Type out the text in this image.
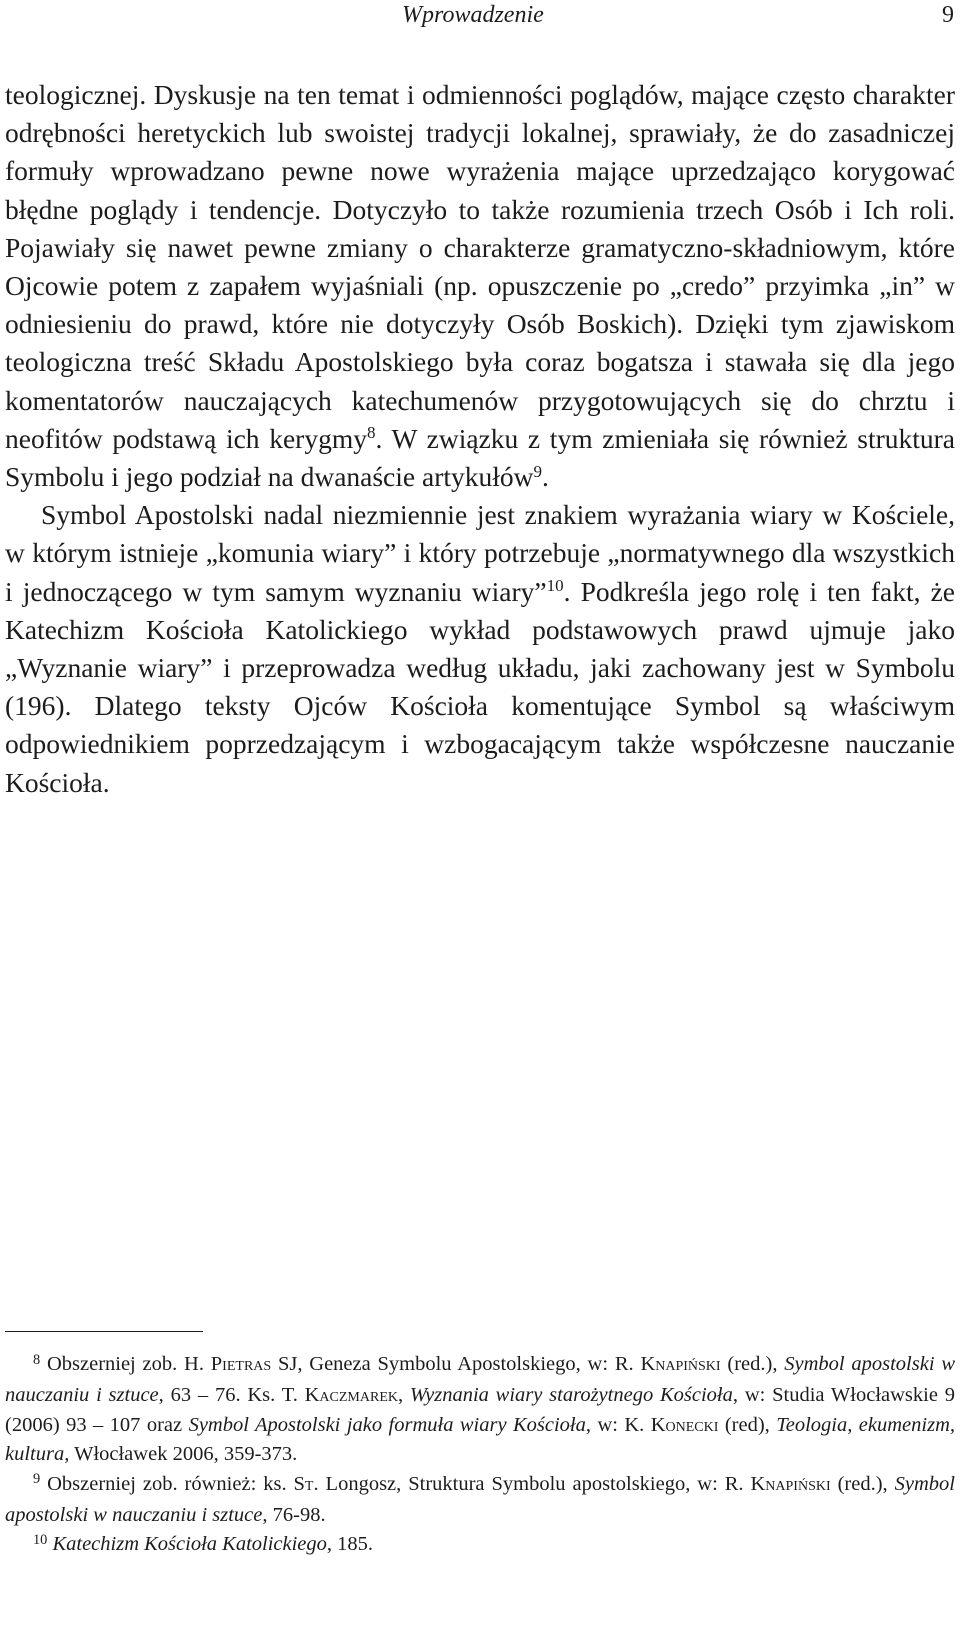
Wprowadzenie	9

teologicznej. Dyskusje na ten temat i odmienności poglądów, mające często charakter odrębności heretyckich lub swoistej tradycji lokalnej, sprawiały, że do zasadniczej formuły wprowadzano pewne nowe wyrażenia mające uprzedzająco korygować błędne poglądy i tendencje. Dotyczyło to także rozumienia trzech Osób i Ich roli. Pojawiały się nawet pewne zmiany o charakterze gramatyczno-składniowym, które Ojcowie potem z zapałem wyjaśniali (np. opuszczenie po „credo” przyimka „in” w odniesieniu do prawd, które nie dotyczyły Osób Boskich). Dzięki tym zjawiskom teologiczna treść Składu Apostolskiego była coraz bogatsza i stawała się dla jego komentatorów nauczających katechumenów przygotowujących się do chrztu i neofitów podstawą ich kerygmy$^8$. W związku z tym zmieniała się również struktura Symbolu i jego podział na dwanaście artykułów$^9$.

Symbol Apostolski nadal niezmiennie jest znakiem wyrażania wiary w Kościele, w którym istnieje „komunia wiary” i który potrzebuje „normatywnego dla wszystkich i jednoczącego w tym samym wyznaniu wiary”$^{10}$. Podkreśla jego rolę i ten fakt, że Katechizm Kościoła Katolickiego wykład podstawowych prawd ujmuje jako „Wyznanie wiary” i przeprowadza według układu, jaki zachowany jest w Symbolu (196). Dlatego teksty Ojców Kościoła komentujące Symbol są właściwym odpowiednikiem poprzedzającym i wzbogacającym także współczesne nauczanie Kościoła.

$^8$ Obszerniej zob. H. Pietras SJ, Geneza Symbolu Apostolskiego, w: R. Knapiński (red.), Symbol apostolski w nauczaniu i sztuce, 63 – 76. Ks. T. Kaczmarek, Wyznania wiary starożytnego Kościoła, w: Studia Włocławskie 9 (2006) 93 – 107 oraz Symbol Apostolski jako formuła wiary Kościoła, w: K. Konecki (red), Teologia, ekumenizm, kultura, Włocławek 2006, 359-373.

$^9$ Obszerniej zob. również: ks. St. Longosz, Struktura Symbolu apostolskiego, w: R. Knapiński (red.), Symbol apostolski w nauczaniu i sztuce, 76-98.

$^{10}$ Katechizm Kościoła Katolickiego, 185.
